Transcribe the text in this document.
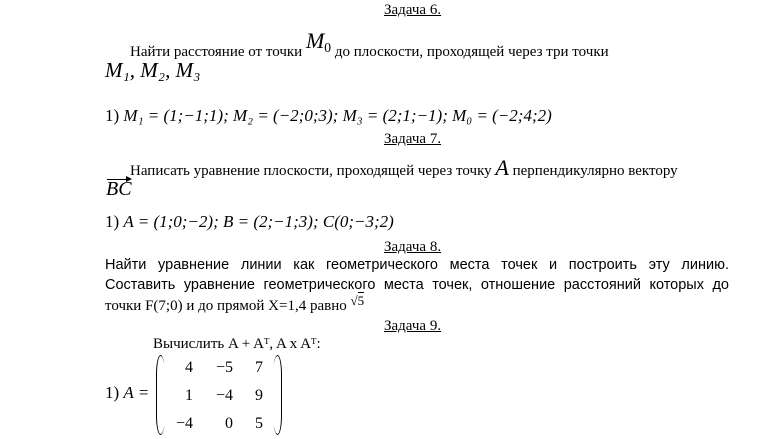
Задача 6.
Найти расстояние от точки $M_0$ до плоскости, проходящей через три точки
M₁, M₂, M₃
1) M₁ = (1;−1;1); M₂ = (−2;0;3); M₃ = (2;1;−1); M₀ = (−2;4;2)
Задача 7.
Написать уравнение плоскости, проходящей через точку A перпендикулярно вектору
BC
1) A = (1;0;−2); B = (2;−1;3); C(0;−3;2)
Задача 8.
Найти уравнение линии как геометрического места точек и построить эту линию.
Составить уравнение геометрического места точек, отношение расстояний которых до
точки F(7;0) и до прямой X=1,4 равно √5
Задача 9.
Вычислить A + Aᵀ, A x Aᵀ:
1) A =
4	−5	7
1	−4	9
−4	0	5
